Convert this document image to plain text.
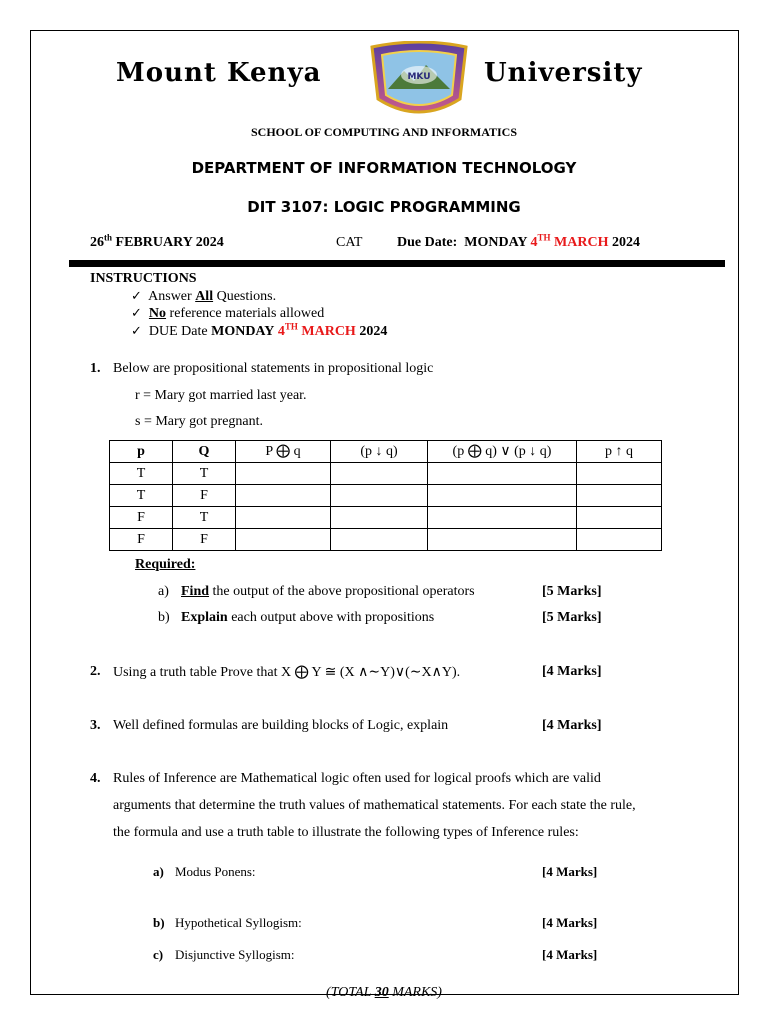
Mount Kenya	MKU University
SCHOOL OF COMPUTING AND INFORMATICS
DEPARTMENT OF INFORMATION TECHNOLOGY
DIT 3107: LOGIC PROGRAMMING
26th FEBRUARY 2024	CAT Due Date: MONDAY 4TH MARCH 2024
INSTRUCTIONS
✓ Answer All Questions.
✓ No reference materials allowed
✓ DUE Date MONDAY 4TH MARCH 2024
1. Below are propositional statements in propositional logic
r = Mary got married last year.
s = Mary got pregnant.
p	Q	P ⨁ q	(p ↓ q)	(p ⨁ q) ∨ (p ↓ q)	p ↑ q
T	T				
T	F				
F	T				
F	F				
Required:
a) Find the output of the above propositional operators	[5 Marks]
b) Explain each output above with propositions	[5 Marks]
2. Using a truth table Prove that X ⨁ Y ≅ (X ∧∼Y)∨(∼X∧Y).	[4 Marks]
3. Well defined formulas are building blocks of Logic, explain	[4 Marks]
4. Rules of Inference are Mathematical logic often used for logical proofs which are valid
arguments that determine the truth values of mathematical statements. For each state the rule,
the formula and use a truth table to illustrate the following types of Inference rules:
a) Modus Ponens:	[4 Marks]
b) Hypothetical Syllogism:	[4 Marks]
c) Disjunctive Syllogism:	[4 Marks]
(TOTAL 30 MARKS)
